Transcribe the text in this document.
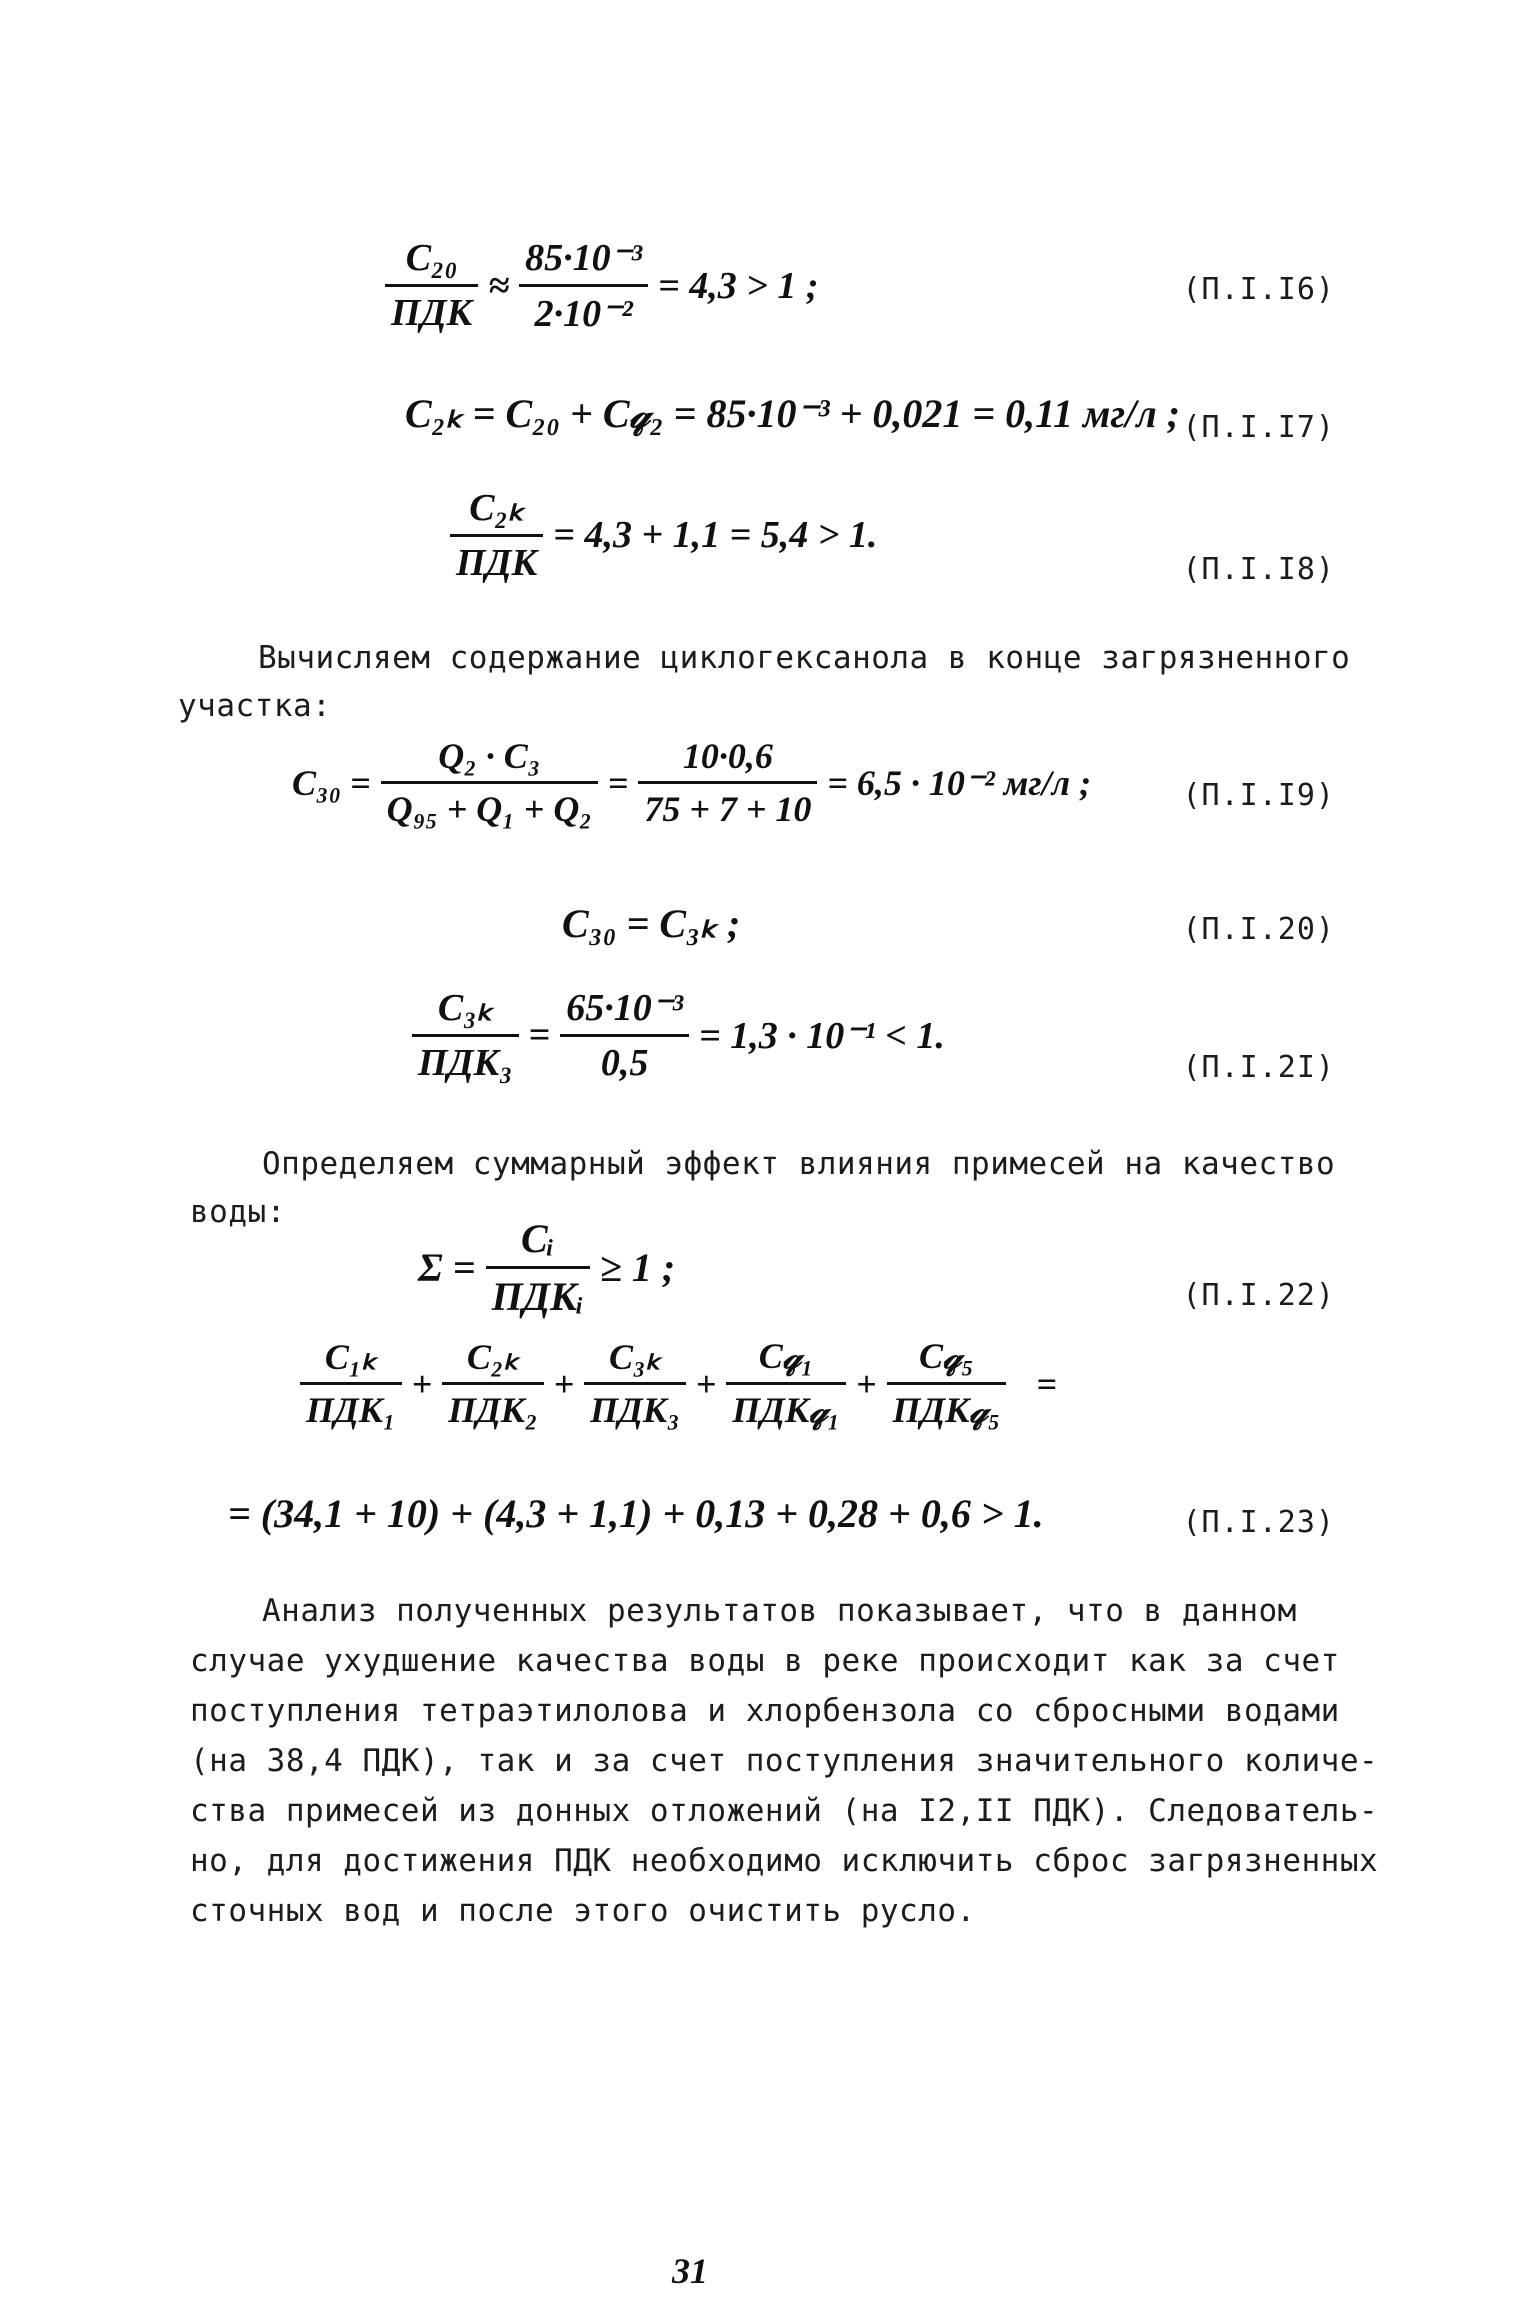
$\frac{\text{C₂₀}}{\text{ПДК}} \approx \frac{\text{85·10⁻³}}{\text{2·10⁻²}} = 4,3 > 1$ ;	(П.I.I6)
C₂ₖ = C₂₀ + C𝓆₂ = 85·10⁻³ + 0,021 = 0,11 мг/л ; (П.I.I7)
$\frac{\text{C₂ₖ}}{\text{ПДК}} = 4,3 + 1,1 = 5,4 > 1$.
(П.I.I8)
Вычисляем содержание циклогексанола в конце загрязненного
участка:
$C_{30} = \frac{\text{Q₂ · C₃}}{\text{Q₉₅ + Q₁ + Q₂}} = \frac{10\cdot 0,6}{75 + 7 + 10} = 6,5 \cdot 10^{-2}$ мг/л ;	(П.I.I9)
C₃₀ = C₃ₖ ;	(П.I.20)
$\frac{\text{C₃ₖ}}{\text{ПДК₃}} = \frac{\text{65·10⁻³}}{0,5} = 1,3 \cdot 10^{-1} < 1$.
(П.I.2I)
Определяем суммарный эффект влияния примесей на качество
воды:
$\Sigma = \frac{\text{Cᵢ}}{\text{ПДКᵢ}} \ge 1$ ;
(П.I.22)
$\frac{\text{C₁ₖ}}{\text{ПДК₁}} + \frac{\text{C₂ₖ}}{\text{ПДК₂}} + \frac{\text{C₃ₖ}}{\text{ПДК₃}} + \frac{\text{C𝓆₁}}{\text{ПДК𝓆₁}} + \frac{\text{C𝓆₅}}{\text{ПДК𝓆₅}}$ =
= (34,1 + 10) + (4,3 + 1,1) + 0,13 + 0,28 + 0,6 > 1.	(П.I.23)
Анализ полученных результатов показывает, что в данном
случае ухудшение качества воды в реке происходит как за счет
поступления тетраэтилолова и хлорбензола со сбросными водами
(на 38,4 ПДК), так и за счет поступления значительного количе-
ства примесей из донных отложений (на I2,II ПДК). Следователь-
но, для достижения ПДК необходимо исключить сброс загрязненных
сточных вод и после этого очистить русло.
31
